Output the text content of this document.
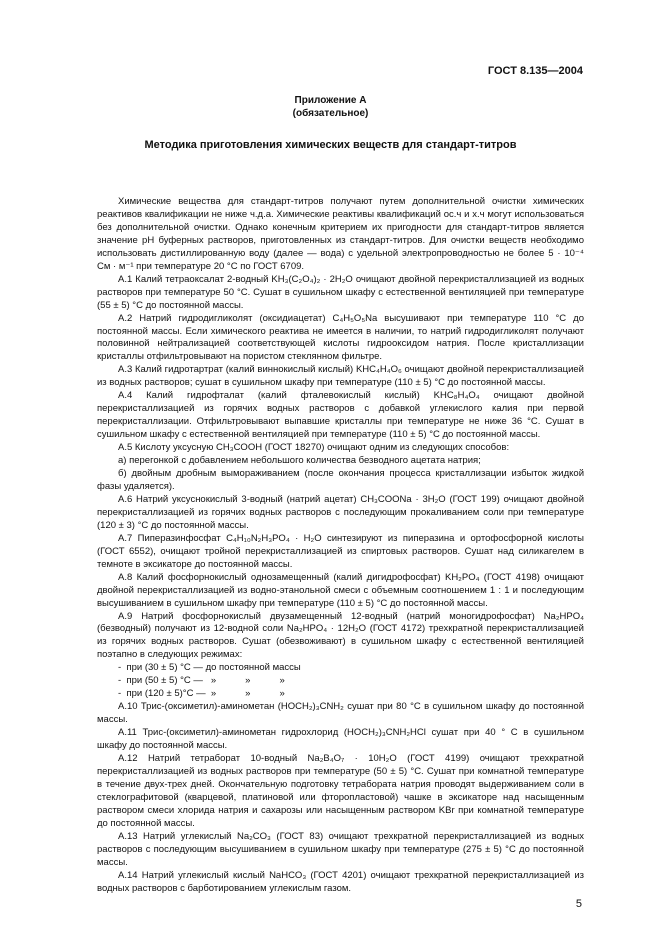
ГОСТ 8.135—2004
Приложение А
(обязательное)
Методика приготовления химических веществ для стандарт-титров

Химические вещества для стандарт-титров получают путем дополнительной очистки химических реактивов квалификации не ниже ч.д.а. Химические реактивы квалификаций ос.ч и х.ч могут использоваться без дополнительной очистки. Однако конечным критерием их пригодности для стандарт-титров является значение pH буферных растворов, приготовленных из стандарт-титров. Для очистки веществ необходимо использовать дистиллированную воду (далее — вода) с удельной электропроводностью не более 5 · 10⁻⁴ См · м⁻¹ при температуре 20 °С по ГОСТ 6709.

А.1 Калий тетраоксалат 2-водный KH₃(C₂O₄)₂ · 2H₂O очищают двойной перекристаллизацией из водных растворов при температуре 50 °С. Сушат в сушильном шкафу с естественной вентиляцией при температуре (55 ± 5) °С до постоянной массы.

А.2 Натрий гидродигликолят (оксидиацетат) C₄H₅O₅Na высушивают при температуре 110 °С до постоянной массы. Если химического реактива не имеется в наличии, то натрий гидродигликолят получают половинной нейтрализацией соответствующей кислоты гидрооксидом натрия. После кристаллизации кристаллы отфильтровывают на пористом стеклянном фильтре.

А.3 Калий гидротартрат (калий виннокислый кислый) KHC₄H₄O₆ очищают двойной перекристаллизацией из водных растворов; сушат в сушильном шкафу при температуре (110 ± 5) °С до постоянной массы.

А.4 Калий гидрофталат (калий фталевокислый кислый) KHC₈H₄O₄ очищают двойной перекристаллизацией из горячих водных растворов с добавкой углекислого калия при первой перекристаллизации. Отфильтровывают выпавшие кристаллы при температуре не ниже 36 °С. Сушат в сушильном шкафу с естественной вентиляцией при температуре (110 ± 5) °С до постоянной массы.

А.5 Кислоту уксусную CH₃COOH (ГОСТ 18270) очищают одним из следующих способов:

а) перегонкой с добавлением небольшого количества безводного ацетата натрия;

б) двойным дробным вымораживанием (после окончания процесса кристаллизации избыток жидкой фазы удаляется).

А.6 Натрий уксуснокислый 3-водный (натрий ацетат) CH₃COONa · 3H₂O (ГОСТ 199) очищают двойной перекристаллизацией из горячих водных растворов с последующим прокаливанием соли при температуре (120 ± 3) °С до постоянной массы.

А.7 Пиперазинфосфат C₄H₁₀N₂H₃PO₄ · H₂O синтезируют из пиперазина и ортофосфорной кислоты (ГОСТ 6552), очищают тройной перекристаллизацией из спиртовых растворов. Сушат над силикагелем в темноте в эксикаторе до постоянной массы.

А.8 Калий фосфорнокислый однозамещенный (калий дигидрофосфат) KH₂PO₄ (ГОСТ 4198) очищают двойной перекристаллизацией из водно-этанольной смеси с объемным соотношением 1 : 1 и последующим высушиванием в сушильном шкафу при температуре (110 ± 5) °С до постоянной массы.

А.9 Натрий фосфорнокислый двузамещенный 12-водный (натрий моногидрофосфат) Na₂HPO₄ (безводный) получают из 12-водной соли Na₂HPO₄ · 12H₂O (ГОСТ 4172) трехкратной перекристаллизацией из горячих водных растворов. Сушат (обезвоживают) в сушильном шкафу с естественной вентиляцией поэтапно в следующих режимах:

-  при (30 ± 5) °С — до постоянной массы

-  при (50 ± 5) °С —   »           »           »

-  при (120 ± 5)°С —  »           »           »

А.10 Трис-(оксиметил)-аминометан (HOCH₂)₃CNH₂ сушат при 80 °С в сушильном шкафу до постоянной массы.

А.11 Трис-(оксиметил)-аминометан гидрохлорид (HOCH₂)₃CNH₂HCl сушат при 40 ° С в сушильном шкафу до постоянной массы.

А.12 Натрий тетраборат 10-водный Na₂B₄O₇ · 10H₂O (ГОСТ 4199) очищают трехкратной перекристаллизацией из водных растворов при температуре (50 ± 5) °С. Сушат при комнатной температуре в течение двух-трех дней. Окончательную подготовку тетрабората натрия проводят выдерживанием соли в стеклографитовой (кварцевой, платиновой или фторопластовой) чашке в эксикаторе над насыщенным раствором смеси хлорида натрия и сахарозы или насыщенным раствором KBr при комнатной температуре до постоянной массы.

А.13 Натрий углекислый Na₂CO₃ (ГОСТ 83) очищают трехкратной перекристаллизацией из водных растворов с последующим высушиванием в сушильном шкафу при температуре (275 ± 5) °С до постоянной массы.

А.14 Натрий углекислый кислый NaHCO₃ (ГОСТ 4201) очищают трехкратной перекристаллизацией из водных растворов с барботированием углекислым газом.

5
